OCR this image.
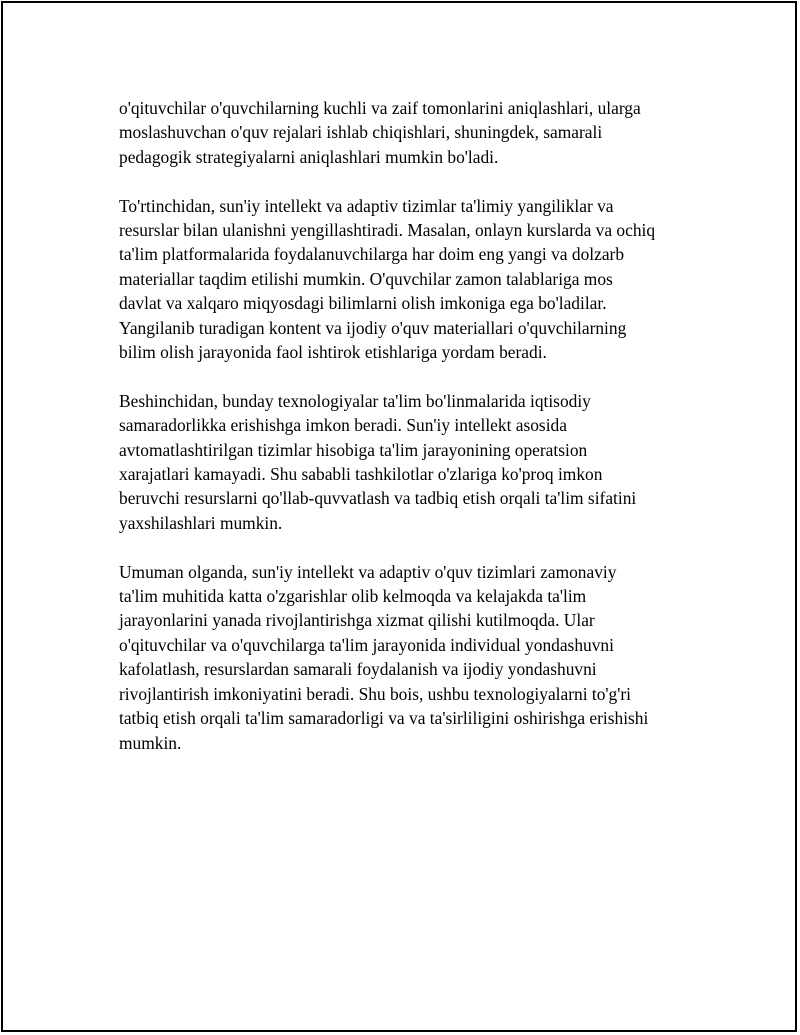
o'qituvchilar o'quvchilarning kuchli va zaif tomonlarini aniqlashlari, ularga
moslashuvchan o'quv rejalari ishlab chiqishlari, shuningdek, samarali
pedagogik strategiyalarni aniqlashlari mumkin bo'ladi.

To'rtinchidan, sun'iy intellekt va adaptiv tizimlar ta'limiy yangiliklar va
resurslar bilan ulanishni yengillashtiradi. Masalan, onlayn kurslarda va ochiq
ta'lim platformalarida foydalanuvchilarga har doim eng yangi va dolzarb
materiallar taqdim etilishi mumkin. O'quvchilar zamon talablariga mos
davlat va xalqaro miqyosdagi bilimlarni olish imkoniga ega bo'ladilar.
Yangilanib turadigan kontent va ijodiy o'quv materiallari o'quvchilarning
bilim olish jarayonida faol ishtirok etishlariga yordam beradi.

Beshinchidan, bunday texnologiyalar ta'lim bo'linmalarida iqtisodiy
samaradorlikka erishishga imkon beradi. Sun'iy intellekt asosida
avtomatlashtirilgan tizimlar hisobiga ta'lim jarayonining operatsion
xarajatlari kamayadi. Shu sababli tashkilotlar o'zlariga ko'proq imkon
beruvchi resurslarni qo'llab-quvvatlash va tadbiq etish orqali ta'lim sifatini
yaxshilashlari mumkin.

Umuman olganda, sun'iy intellekt va adaptiv o'quv tizimlari zamonaviy
ta'lim muhitida katta o'zgarishlar olib kelmoqda va kelajakda ta'lim
jarayonlarini yanada rivojlantirishga xizmat qilishi kutilmoqda. Ular
o'qituvchilar va o'quvchilarga ta'lim jarayonida individual yondashuvni
kafolatlash, resurslardan samarali foydalanish va ijodiy yondashuvni
rivojlantirish imkoniyatini beradi. Shu bois, ushbu texnologiyalarni to'g'ri
tatbiq etish orqali ta'lim samaradorligi va va ta'sirliligini oshirishga erishishi
mumkin.
